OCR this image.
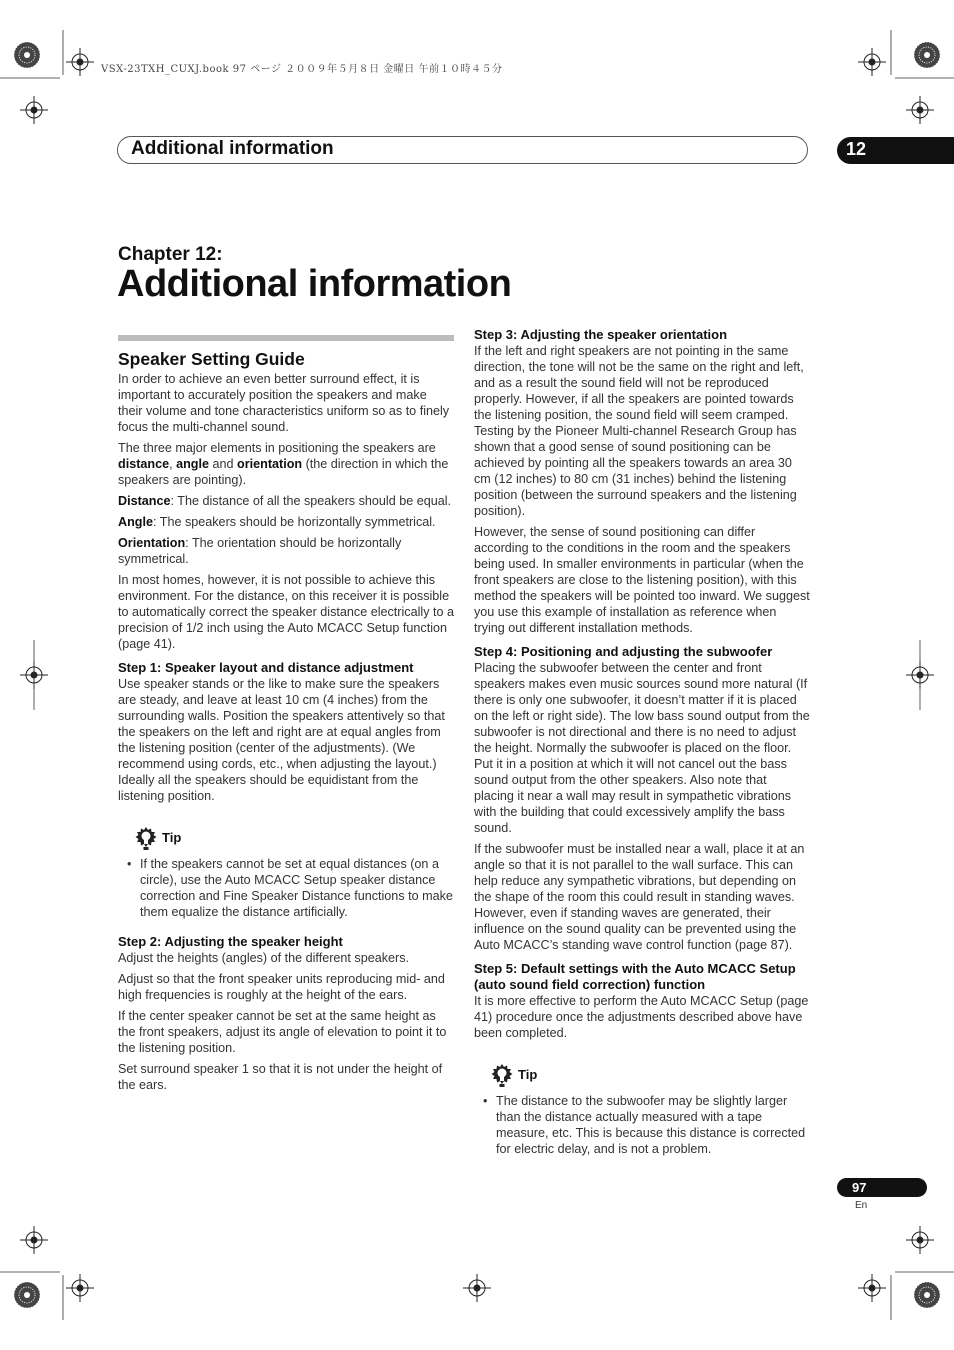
VSX-23TXH_CUXJ.book 97 ページ ２００９年５月８日 金曜日 午前１０時４５分
Additional information	12
Chapter 12:
Additional information
Speaker Setting Guide

In order to achieve an even better surround effect, it is important to accurately position the speakers and make their volume and tone characteristics uniform so as to finely focus the multi-channel sound.

The three major elements in positioning the speakers are distance, angle and orientation (the direction in which the speakers are pointing).

Distance: The distance of all the speakers should be equal.

Angle: The speakers should be horizontally symmetrical.

Orientation: The orientation should be horizontally symmetrical.

In most homes, however, it is not possible to achieve this environment. For the distance, on this receiver it is possible to automatically correct the speaker distance electrically to a precision of 1/2 inch using the Auto MCACC Setup function (page 41).

Step 1: Speaker layout and distance adjustment

Use speaker stands or the like to make sure the speakers are steady, and leave at least 10 cm (4 inches) from the surrounding walls. Position the speakers attentively so that the speakers on the left and right are at equal angles from the listening position (center of the adjustments). (We recommend using cords, etc., when adjusting the layout.) Ideally all the speakers should be equidistant from the listening position.

Tip
• If the speakers cannot be set at equal distances (on a circle), use the Auto MCACC Setup speaker distance correction and Fine Speaker Distance functions to make them equalize the distance artificially.
Step 2: Adjusting the speaker height

Adjust the heights (angles) of the different speakers.

Adjust so that the front speaker units reproducing mid- and high frequencies is roughly at the height of the ears.

If the center speaker cannot be set at the same height as the front speakers, adjust its angle of elevation to point it to the listening position.

Set surround speaker 1 so that it is not under the height of the ears.

Step 3: Adjusting the speaker orientation

If the left and right speakers are not pointing in the same direction, the tone will not be the same on the right and left, and as a result the sound field will not be reproduced properly. However, if all the speakers are pointed towards the listening position, the sound field will seem cramped. Testing by the Pioneer Multi-channel Research Group has shown that a good sense of sound positioning can be achieved by pointing all the speakers towards an area 30 cm (12 inches) to 80 cm (31 inches) behind the listening position (between the surround speakers and the listening position).

However, the sense of sound positioning can differ according to the conditions in the room and the speakers being used. In smaller environments in particular (when the front speakers are close to the listening position), with this method the speakers will be pointed too inward. We suggest you use this example of installation as reference when trying out different installation methods.

Step 4: Positioning and adjusting the subwoofer

Placing the subwoofer between the center and front speakers makes even music sources sound more natural (If there is only one subwoofer, it doesn’t matter if it is placed on the left or right side). The low bass sound output from the subwoofer is not directional and there is no need to adjust the height. Normally the subwoofer is placed on the floor. Put it in a position at which it will not cancel out the bass sound output from the other speakers. Also note that placing it near a wall may result in sympathetic vibrations with the building that could excessively amplify the bass sound.

If the subwoofer must be installed near a wall, place it at an angle so that it is not parallel to the wall surface. This can help reduce any sympathetic vibrations, but depending on the shape of the room this could result in standing waves. However, even if standing waves are generated, their influence on the sound quality can be prevented using the Auto MCACC’s standing wave control function (page 87).

Step 5: Default settings with the Auto MCACC Setup (auto sound field correction) function

It is more effective to perform the Auto MCACC Setup (page 41) procedure once the adjustments described above have been completed.

Tip
• The distance to the subwoofer may be slightly larger than the distance actually measured with a tape measure, etc. This is because this distance is corrected for electric delay, and is not a problem.
97
En
